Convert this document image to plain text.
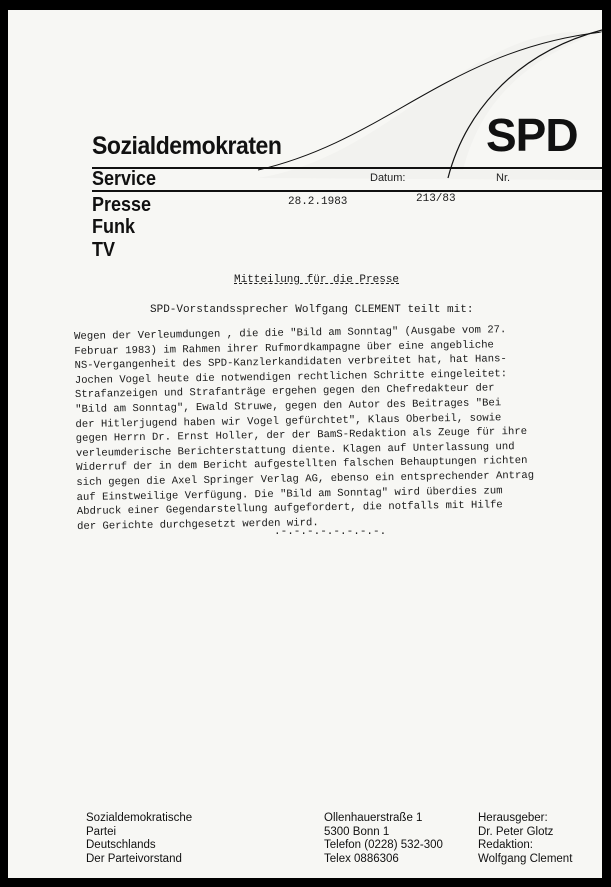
SPD
Sozialdemokraten
Service
Presse
Funk
TV
Datum:	Nr.
28.2.1983	213/83
Mitteilung für die Presse
SPD-Vorstandssprecher Wolfgang CLEMENT teilt mit:
Wegen der Verleumdungen , die die "Bild am Sonntag" (Ausgabe vom 27.
Februar 1983) im Rahmen ihrer Rufmordkampagne über eine angebliche
NS-Vergangenheit des SPD-Kanzlerkandidaten verbreitet hat, hat Hans-
Jochen Vogel heute die notwendigen rechtlichen Schritte eingeleitet:
Strafanzeigen und Strafanträge ergehen gegen den Chefredakteur der
"Bild am Sonntag", Ewald Struwe, gegen den Autor des Beitrages "Bei
der Hitlerjugend haben wir Vogel gefürchtet", Klaus Oberbeil, sowie
gegen Herrn Dr. Ernst Holler, der der BamS-Redaktion als Zeuge für ihre
verleumderische Berichterstattung diente. Klagen auf Unterlassung und
Widerruf der in dem Bericht aufgestellten falschen Behauptungen richten
sich gegen die Axel Springer Verlag AG, ebenso ein entsprechender Antrag
auf Einstweilige Verfügung. Die "Bild am Sonntag" wird überdies zum
Abdruck einer Gegendarstellung aufgefordert, die notfalls mit Hilfe
der Gerichte durchgesetzt werden wird.
.-.-.-.-.-.-.-.-.
Sozialdemokratische
Partei
Deutschlands
Der Parteivorstand
Ollenhauerstraße 1
5300 Bonn 1
Telefon (0228) 532-300
Telex 0886306
Herausgeber:
Dr. Peter Glotz
Redaktion:
Wolfgang Clement
